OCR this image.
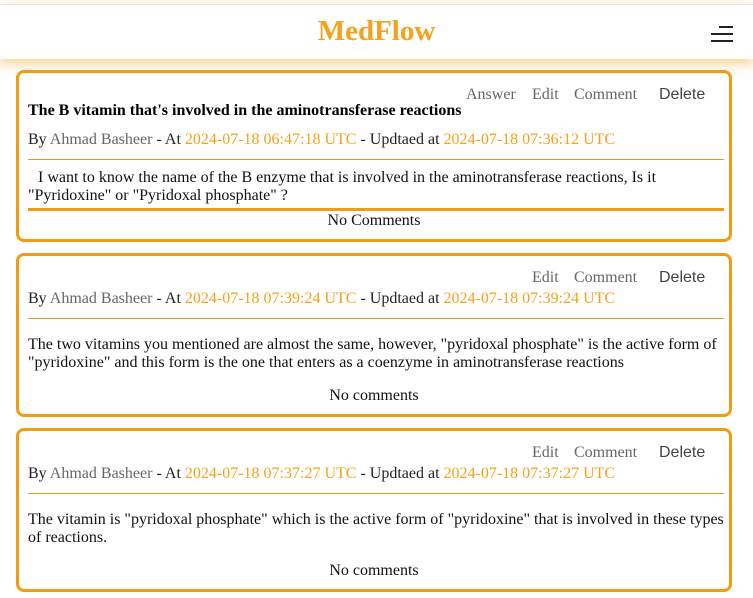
MedFlow
Answer Edit Comment Delete
The B vitamin that's involved in the aminotransferase reactions
By Ahmad Basheer - At 2024-07-18 06:47:18 UTC - Updtaed at 2024-07-18 07:36:12 UTC
I want to know the name of the B enzyme that is involved in the aminotransferase reactions, Is it "Pyridoxine" or "Pyridoxal phosphate" ?
No Comments
Edit Comment Delete
By Ahmad Basheer - At 2024-07-18 07:39:24 UTC - Updtaed at 2024-07-18 07:39:24 UTC
The two vitamins you mentioned are almost the same, however, "pyridoxal phosphate" is the active form of "pyridoxine" and this form is the one that enters as a coenzyme in aminotransferase reactions
No comments
Edit Comment Delete
By Ahmad Basheer - At 2024-07-18 07:37:27 UTC - Updtaed at 2024-07-18 07:37:27 UTC
The vitamin is "pyridoxal phosphate" which is the active form of "pyridoxine" that is involved in these types of reactions.
No comments
